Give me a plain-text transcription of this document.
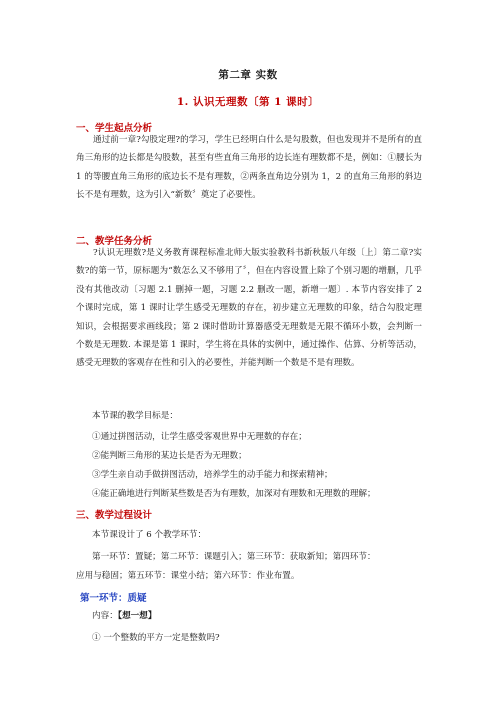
第二章 实数
1. 认识无理数〔第 1 课时〕
一、学生起点分析
通过前一章?勾股定理?的学习，学生已经明白什么是勾股数，但也发现并不是所有的直角三角形的边长都是勾股数，甚至有些直角三角形的边长连有理数都不是，例如：①腰长为 1 的等腰直角三角形的底边长不是有理数，②两条直角边分别为 1，2 的直角三角形的斜边长不是有理数，这为引入“新数〞奠定了必要性。
二、教学任务分析
?认识无理数?是义务教育课程标准北师大版实验教科书新秋版八年级〔上〕第二章?实数?的第一节，原标题为“数怎么又不够用了〞，但在内容设置上除了个别习题的增删，几乎没有其他改动〔习题 2.1 删掉一题，习题 2.2 删改一题，新增一题〕. 本节内容安排了 2 个课时完成，第 1 课时让学生感受无理数的存在，初步建立无理数的印象，结合勾股定理知识，会根据要求画线段；第 2 课时借助计算器感受无理数是无限不循环小数，会判断一个数是无理数. 本课是第 1 课时，学生将在具体的实例中，通过操作、估算、分析等活动，感受无理数的客观存在性和引入的必要性，并能判断一个数是不是有理数。
本节课的教学目标是：
①通过拼图活动，让学生感受客观世界中无理数的存在；
②能判断三角形的某边长是否为无理数；
③学生亲自动手做拼图活动，培养学生的动手能力和探索精神；
④能正确地进行判断某些数是否为有理数，加深对有理数和无理数的理解；
三、教学过程设计
本节课设计了 6 个教学环节：
第一环节：置疑；第二环节：课题引入；第三环节：获取新知；第四环节：
应用与稳固；第五环节：课堂小结；第六环节：作业布置。
第一环节：质疑
内容：【想一想】
① 一个整数的平方一定是整数吗?
